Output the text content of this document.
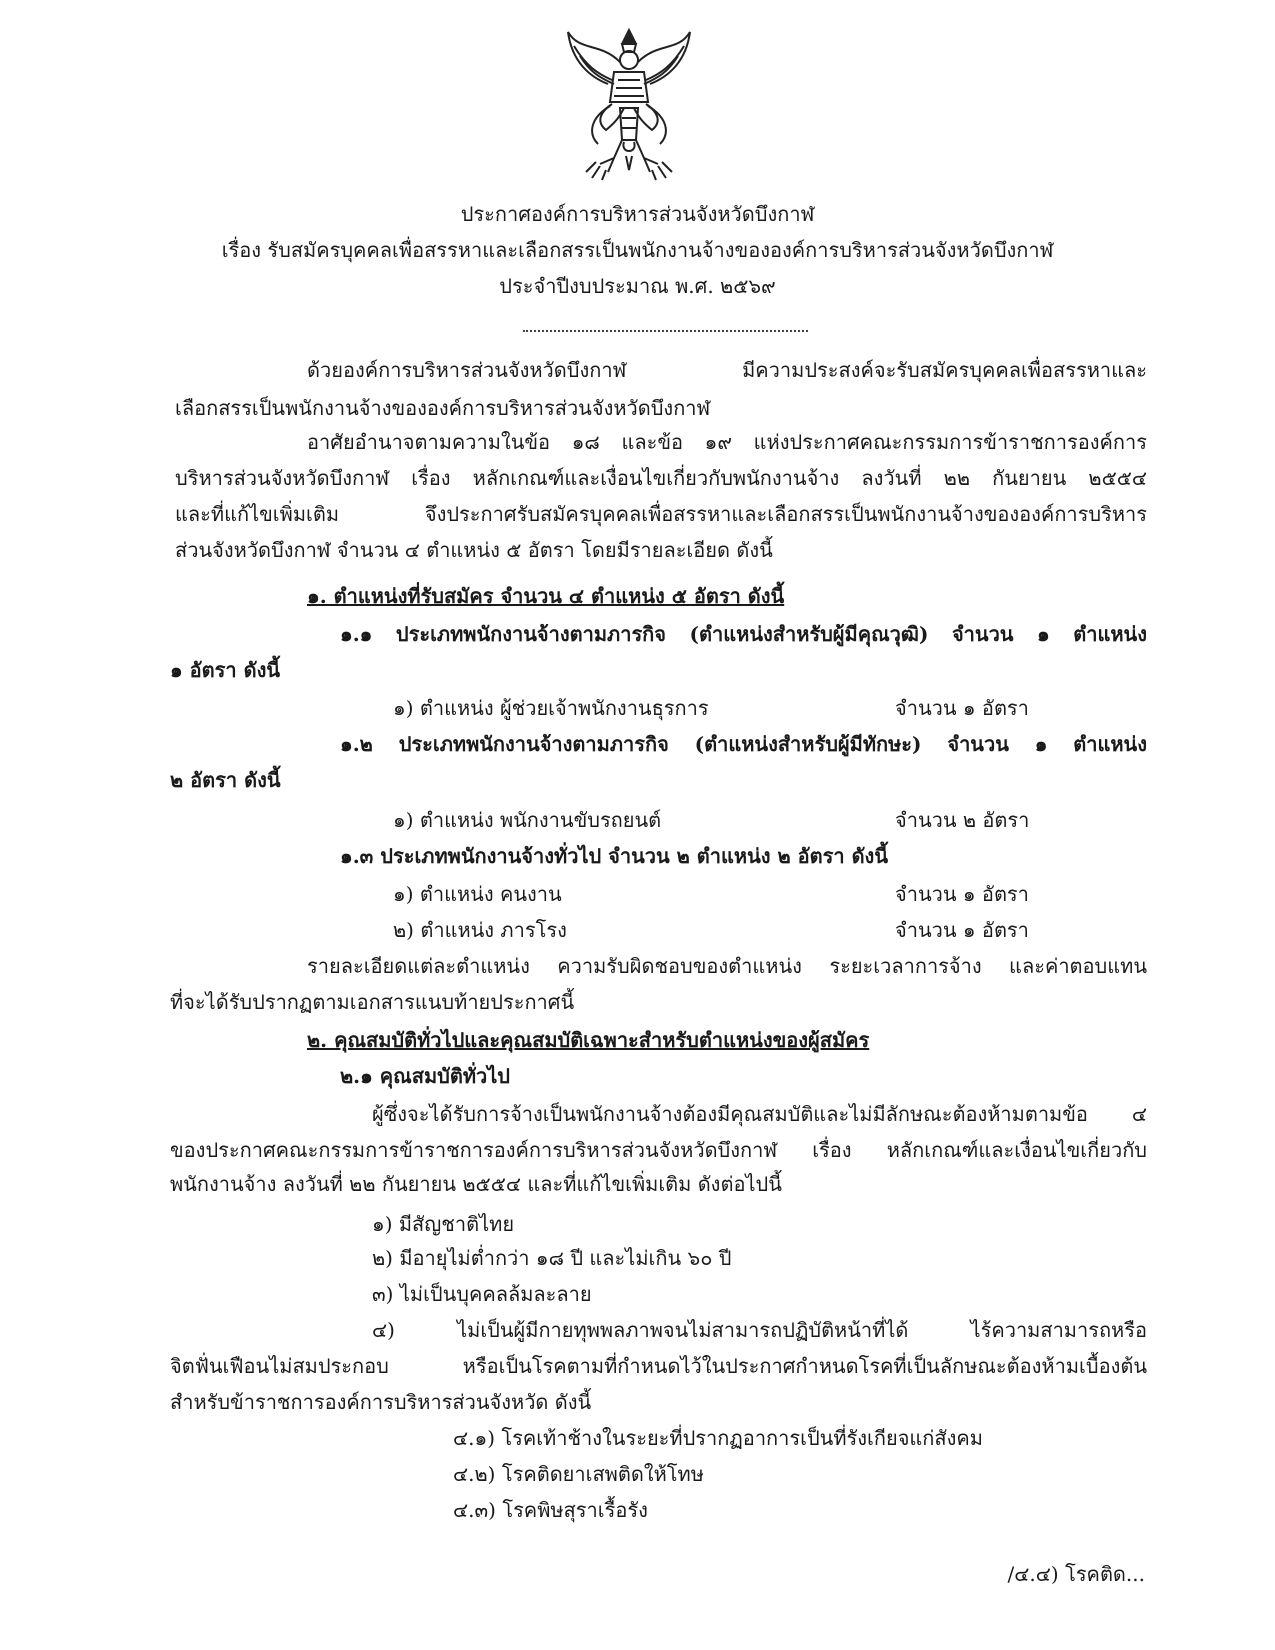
ประกาศองค์การบริหารส่วนจังหวัดบึงกาฬ
เรื่อง รับสมัครบุคคลเพื่อสรรหาและเลือกสรรเป็นพนักงานจ้างขององค์การบริหารส่วนจังหวัดบึงกาฬ
ประจำปีงบประมาณ พ.ศ. ๒๕๖๙
ด้วยองค์การบริหารส่วนจังหวัดบึงกาฬ มีความประสงค์จะรับสมัครบุคคลเพื่อสรรหาและ
เลือกสรรเป็นพนักงานจ้างขององค์การบริหารส่วนจังหวัดบึงกาฬ
อาศัยอำนาจตามความในข้อ ๑๘ และข้อ ๑๙ แห่งประกาศคณะกรรมการข้าราชการองค์การ
บริหารส่วนจังหวัดบึงกาฬ เรื่อง หลักเกณฑ์และเงื่อนไขเกี่ยวกับพนักงานจ้าง ลงวันที่ ๒๒ กันยายน ๒๕๕๔
และที่แก้ไขเพิ่มเติม จึงประกาศรับสมัครบุคคลเพื่อสรรหาและเลือกสรรเป็นพนักงานจ้างขององค์การบริหาร
ส่วนจังหวัดบึงกาฬ จำนวน ๔ ตำแหน่ง ๕ อัตรา โดยมีรายละเอียด ดังนี้
๑. ตำแหน่งที่รับสมัคร จำนวน ๔ ตำแหน่ง ๕ อัตรา ดังนี้
๑.๑ ประเภทพนักงานจ้างตามภารกิจ (ตำแหน่งสำหรับผู้มีคุณวุฒิ) จำนวน ๑ ตำแหน่ง
๑ อัตรา ดังนี้
๑) ตำแหน่ง ผู้ช่วยเจ้าพนักงานธุรการ	จำนวน ๑ อัตรา
๑.๒ ประเภทพนักงานจ้างตามภารกิจ (ตำแหน่งสำหรับผู้มีทักษะ) จำนวน ๑ ตำแหน่ง
๒ อัตรา ดังนี้
๑) ตำแหน่ง พนักงานขับรถยนต์	จำนวน ๒ อัตรา
๑.๓ ประเภทพนักงานจ้างทั่วไป จำนวน ๒ ตำแหน่ง ๒ อัตรา ดังนี้
๑) ตำแหน่ง คนงาน	จำนวน ๑ อัตรา
๒) ตำแหน่ง ภารโรง	จำนวน ๑ อัตรา
รายละเอียดแต่ละตำแหน่ง ความรับผิดชอบของตำแหน่ง ระยะเวลาการจ้าง และค่าตอบแทน
ที่จะได้รับปรากฏตามเอกสารแนบท้ายประกาศนี้
๒. คุณสมบัติทั่วไปและคุณสมบัติเฉพาะสำหรับตำแหน่งของผู้สมัคร
๒.๑ คุณสมบัติทั่วไป
ผู้ซึ่งจะได้รับการจ้างเป็นพนักงานจ้างต้องมีคุณสมบัติและไม่มีลักษณะต้องห้ามตามข้อ ๔
ของประกาศคณะกรรมการข้าราชการองค์การบริหารส่วนจังหวัดบึงกาฬ เรื่อง หลักเกณฑ์และเงื่อนไขเกี่ยวกับ
พนักงานจ้าง ลงวันที่ ๒๒ กันยายน ๒๕๕๔ และที่แก้ไขเพิ่มเติม ดังต่อไปนี้
๑) มีสัญชาติไทย
๒) มีอายุไม่ต่ำกว่า ๑๘ ปี และไม่เกิน ๖๐ ปี
๓) ไม่เป็นบุคคลล้มละลาย
๔) ไม่เป็นผู้มีกายทุพพลภาพจนไม่สามารถปฏิบัติหน้าที่ได้ ไร้ความสามารถหรือ
จิตฟั่นเฟือนไม่สมประกอบ หรือเป็นโรคตามที่กำหนดไว้ในประกาศกำหนดโรคที่เป็นลักษณะต้องห้ามเบื้องต้น
สำหรับข้าราชการองค์การบริหารส่วนจังหวัด ดังนี้
๔.๑) โรคเท้าช้างในระยะที่ปรากฏอาการเป็นที่รังเกียจแก่สังคม
๔.๒) โรคติดยาเสพติดให้โทษ
๔.๓) โรคพิษสุราเรื้อรัง
/๔.๔) โรคติด...
